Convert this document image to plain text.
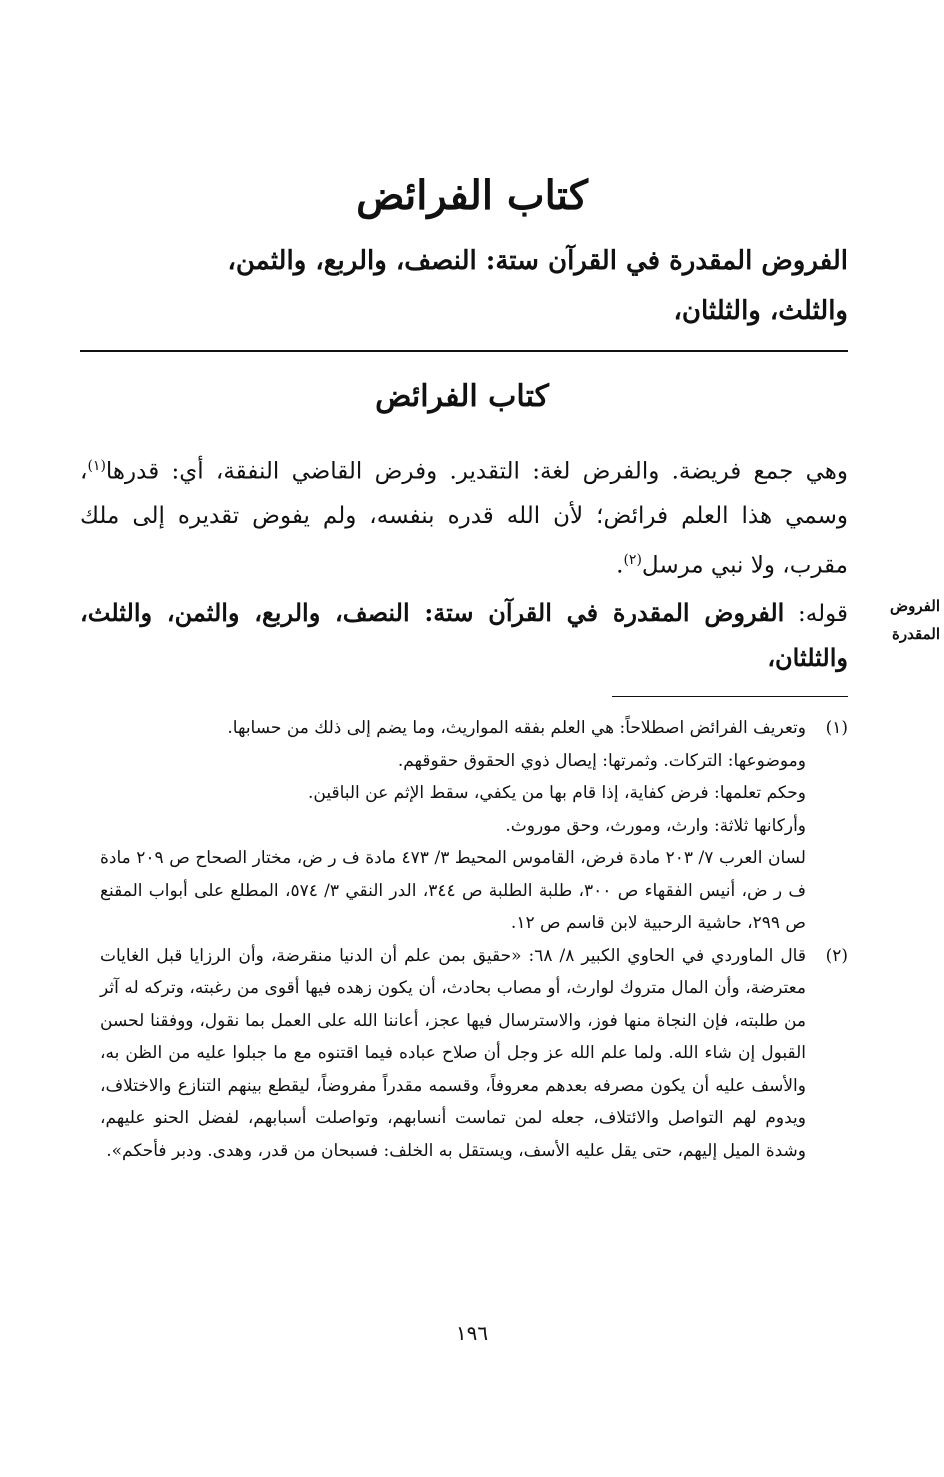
كتاب الفرائض
الفروض المقدرة في القرآن ستة: النصف، والربع، والثمن،
والثلث، والثلثان،
كتاب الفرائض

وهي جمع فريضة. والفرض لغة: التقدير. وفرض القاضي النفقة، أي: قدرها$^{(١)}$، وسمي هذا العلم فرائض؛ لأن الله قدره بنفسه، ولم يفوض تقديره إلى ملك مقرب، ولا نبي مرسل$^{(٢)}$.

قوله: الفروض المقدرة في القرآن ستة: النصف، والربع، والثمن، والثلث، والثلثان،

الفروض
المقدرة
(١)
وتعريف الفرائض اصطلاحاً: هي العلم بفقه المواريث، وما يضم إلى ذلك من حسابها.
وموضوعها: التركات. وثمرتها: إيصال ذوي الحقوق حقوقهم.
وحكم تعلمها: فرض كفاية، إذا قام بها من يكفي، سقط الإثم عن الباقين.
وأركانها ثلاثة: وارث، ومورث، وحق موروث.
لسان العرب ٧/ ٢٠٣ مادة فرض، القاموس المحيط ٣/ ٤٧٣ مادة ف ر ض، مختار الصحاح ص ٢٠٩ مادة ف ر ض، أنيس الفقهاء ص ٣٠٠، طلبة الطلبة ص ٣٤٤، الدر النقي ٣/ ٥٧٤، المطلع على أبواب المقنع ص ٢٩٩، حاشية الرحبية لابن قاسم ص ١٢.
(٢)
قال الماوردي في الحاوي الكبير ٨/ ٦٨: «حقيق بمن علم أن الدنيا منقرضة، وأن الرزايا قبل الغايات معترضة، وأن المال متروك لوارث، أو مصاب بحادث، أن يكون زهده فيها أقوى من رغبته، وتركه له آثر من طلبته، فإن النجاة منها فوز، والاسترسال فيها عجز، أعاننا الله على العمل بما نقول، ووفقنا لحسن القبول إن شاء الله. ولما علم الله عز وجل أن صلاح عباده فيما اقتنوه مع ما جبلوا عليه من الظن به، والأسف عليه أن يكون مصرفه بعدهم معروفاً، وقسمه مقدراً مفروضاً، ليقطع بينهم التنازع والاختلاف، ويدوم لهم التواصل والائتلاف، جعله لمن تماست أنسابهم، وتواصلت أسبابهم، لفضل الحنو عليهم، وشدة الميل إليهم، حتى يقل عليه الأسف، ويستقل به الخلف: فسبحان من قدر، وهدى. ودبر فأحكم».
١٩٦
